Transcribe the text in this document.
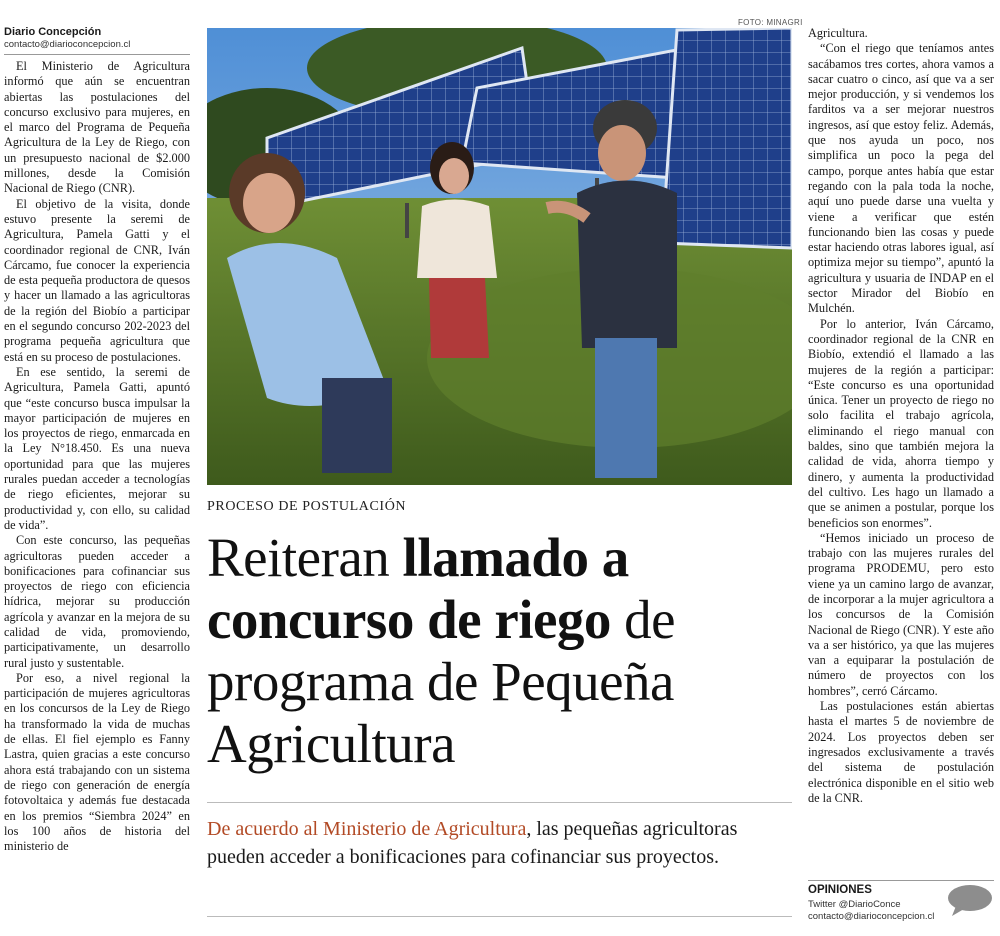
Diario Concepción
contacto@diarioconcepcion.cl

El Ministerio de Agricultura informó que aún se encuentran abiertas las postulaciones del concurso exclusivo para mujeres, en el marco del Programa de Pequeña Agricultura de la Ley de Riego, con un presupuesto nacional de $2.000 millones, desde la Comisión Nacional de Riego (CNR).

El objetivo de la visita, donde estuvo presente la seremi de Agricultura, Pamela Gatti y el coordinador regional de CNR, Iván Cárcamo, fue conocer la experiencia de esta pequeña productora de quesos y hacer un llamado a las agricultoras de la región del Biobío a participar en el segundo concurso 202-2023 del programa pequeña agricultura que está en su proceso de postulaciones.

En ese sentido, la seremi de Agricultura, Pamela Gatti, apuntó que “este concurso busca impulsar la mayor participación de mujeres en los proyectos de riego, enmarcada en la Ley N°18.450. Es una nueva oportunidad para que las mujeres rurales puedan acceder a tecnologías de riego eficientes, mejorar su productividad y, con ello, su calidad de vida”.

Con este concurso, las pequeñas agricultoras pueden acceder a bonificaciones para cofinanciar sus proyectos de riego con eficiencia hídrica, mejorar su producción agrícola y avanzar en la mejora de su calidad de vida, promoviendo, participativamente, un desarrollo rural justo y sustentable.

Por eso, a nivel regional la participación de mujeres agricultoras en los concursos de la Ley de Riego ha transformado la vida de muchas de ellas. El fiel ejemplo es Fanny Lastra, quien gracias a este concurso ahora está trabajando con un sistema de riego con generación de energía fotovoltaica y además fue destacada en los premios “Siembra 2024” en los 100 años de historia del ministerio de

FOTO: MINAGRI
PROCESO DE POSTULACIÓN
Reiteran llamado a concurso de riego de programa de Pequeña Agricultura
De acuerdo al Ministerio de Agricultura, las pequeñas agricultoras pueden acceder a bonificaciones para cofinanciar sus proyectos.

Agricultura.

“Con el riego que teníamos antes sacábamos tres cortes, ahora vamos a sacar cuatro o cinco, así que va a ser mejor producción, y si vendemos los farditos va a ser mejorar nuestros ingresos, así que estoy feliz. Además, que nos ayuda un poco, nos simplifica un poco la pega del campo, porque antes había que estar regando con la pala toda la noche, aquí uno puede darse una vuelta y viene a verificar que estén funcionando bien las cosas y puede estar haciendo otras labores igual, así optimiza mejor su tiempo”, apuntó la agricultura y usuaria de INDAP en el sector Mirador del Biobío en Mulchén.

Por lo anterior, Iván Cárcamo, coordinador regional de la CNR en Biobío, extendió el llamado a las mujeres de la región a participar: “Este concurso es una oportunidad única. Tener un proyecto de riego no solo facilita el trabajo agrícola, eliminando el riego manual con baldes, sino que también mejora la calidad de vida, ahorra tiempo y dinero, y aumenta la productividad del cultivo. Les hago un llamado a que se animen a postular, porque los beneficios son enormes”.

“Hemos iniciado un proceso de trabajo con las mujeres rurales del programa PRODEMU, pero esto viene ya un camino largo de avanzar, de incorporar a la mujer agricultora a los concursos de la Comisión Nacional de Riego (CNR). Y este año va a ser histórico, ya que las mujeres van a equiparar la postulación de número de proyectos con los hombres”, cerró Cárcamo.

Las postulaciones están abiertas hasta el martes 5 de noviembre de 2024. Los proyectos deben ser ingresados exclusivamente a través del sistema de postulación electrónica disponible en el sitio web de la CNR.

OPINIONES
Twitter @DiarioConce
contacto@diarioconcepcion.cl
